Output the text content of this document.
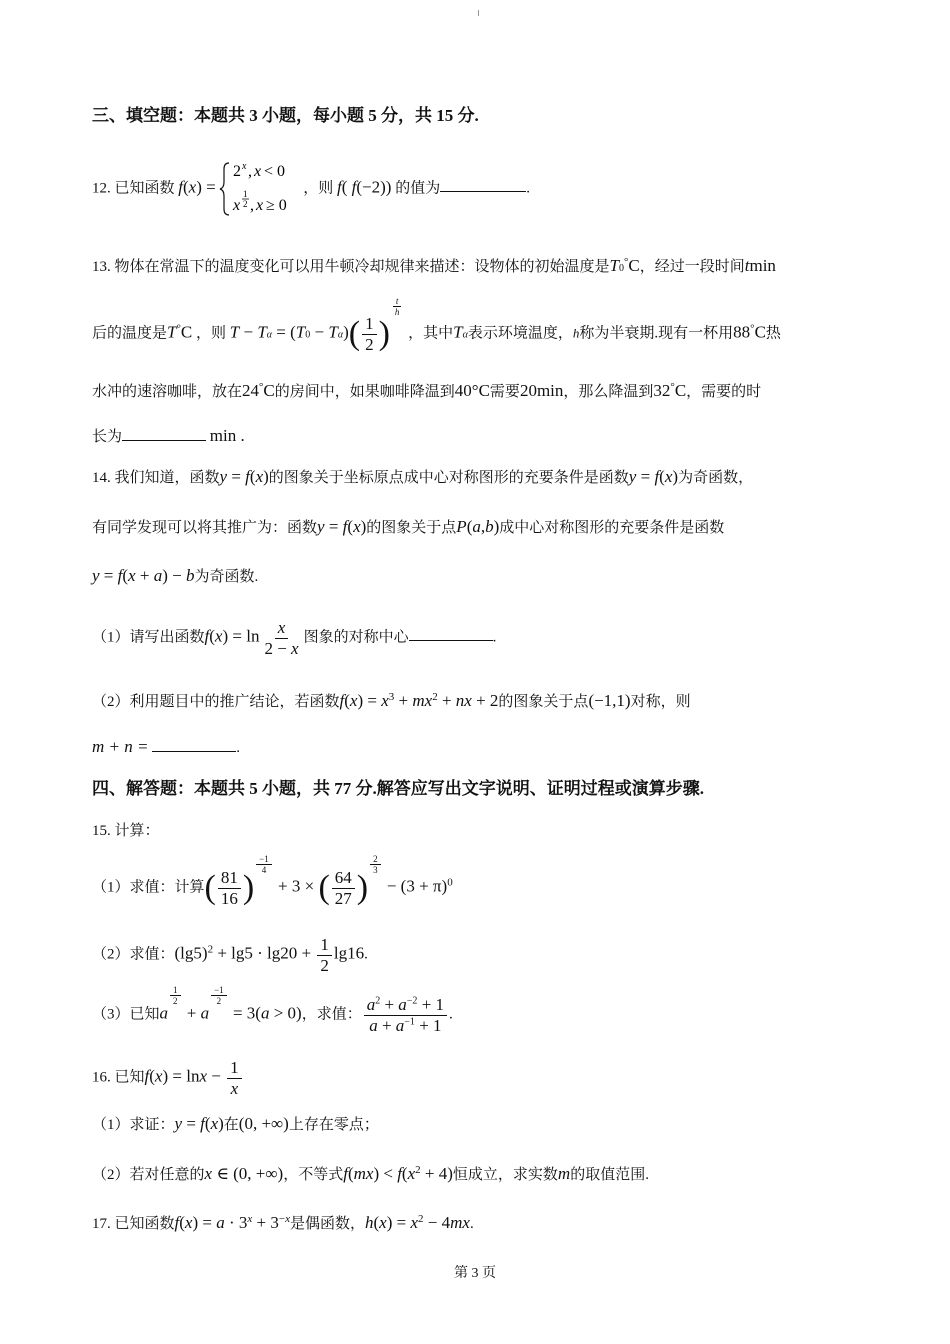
三、填空题：本题共 3 小题，每小题 5 分，共 15 分.
12. 已知函数 f(x) =
2 x , x < 0
x
1
2 , x ≥ 0
，则 f( f(−2)) 的值为	.
13. 物体在常温下的温度变化可以用牛顿冷却规律来描述：设物体的初始温度是T0°C，经过一段时间tmin
后的温度是T°C ，则 $T - T\alpha = (T0 - T\alpha)( \frac{1}{2}$ )
$\frac{t}{h}$
，其中Tα表示环境温度，h称为半衰期.现有一杯用88°C热
水冲的速溶咖啡，放在24°C的房间中，如果咖啡降温到40°C需要20min，那么降温到32°C，需要的时
长为	min .
14. 我们知道，函数y = f(x)的图象关于坐标原点成中心对称图形的充要条件是函数y = f(x)为奇函数，
有同学发现可以将其推广为：函数y = f(x)的图象关于点P(a,b)成中心对称图形的充要条件是函数
y = f(x + a) − b为奇函数.
（1）请写出函数$f(x) = \ln \frac{x}{2 - x}$ 图象的对称中心	.
（2）利用题目中的推广结论，若函数$f(x) = x^3 + mx^2$ + nx + 2的图象关于点(−1,1)对称，则
m + n =	.
四、解答题：本题共 5 小题，共 77 分.解答应写出文字说明、证明过程或演算步骤.
15. 计算：
（1）求值：计算( $\frac{81}{16}$ )
$\frac{-1}{4}$
+ 3 × ( $\frac{64}{27}$ )
$\frac{2}{3}$
− $(3 + \pi)^0$
（2）求值：$(\lg 5)^2 + \lg 5 \cdot \lg 20 + \frac{1}{2} \lg 16$.
（3）已知a
$\frac{1}{2}$
+ a
$\frac{-1}{2}$
= 3(a > 0)，求值： $\frac{a^2 + a^{-2} + 1}{a + a^{-1} + 1}$ .
16. 已知$f(x) = \ln x - \frac{1}{x}$
（1）求证：y = f(x)在(0, +∞)上存在零点；
（2）若对任意的x ∈ (0, +∞)，不等式$f(mx) < f(x^2 + 4)$恒成立，求实数m的取值范围.
17. 已知函数$f(x) = a \cdot 3^x + 3^{-x}$是偶函数，$h(x) = x^2 - 4mx$.
第 3 页
